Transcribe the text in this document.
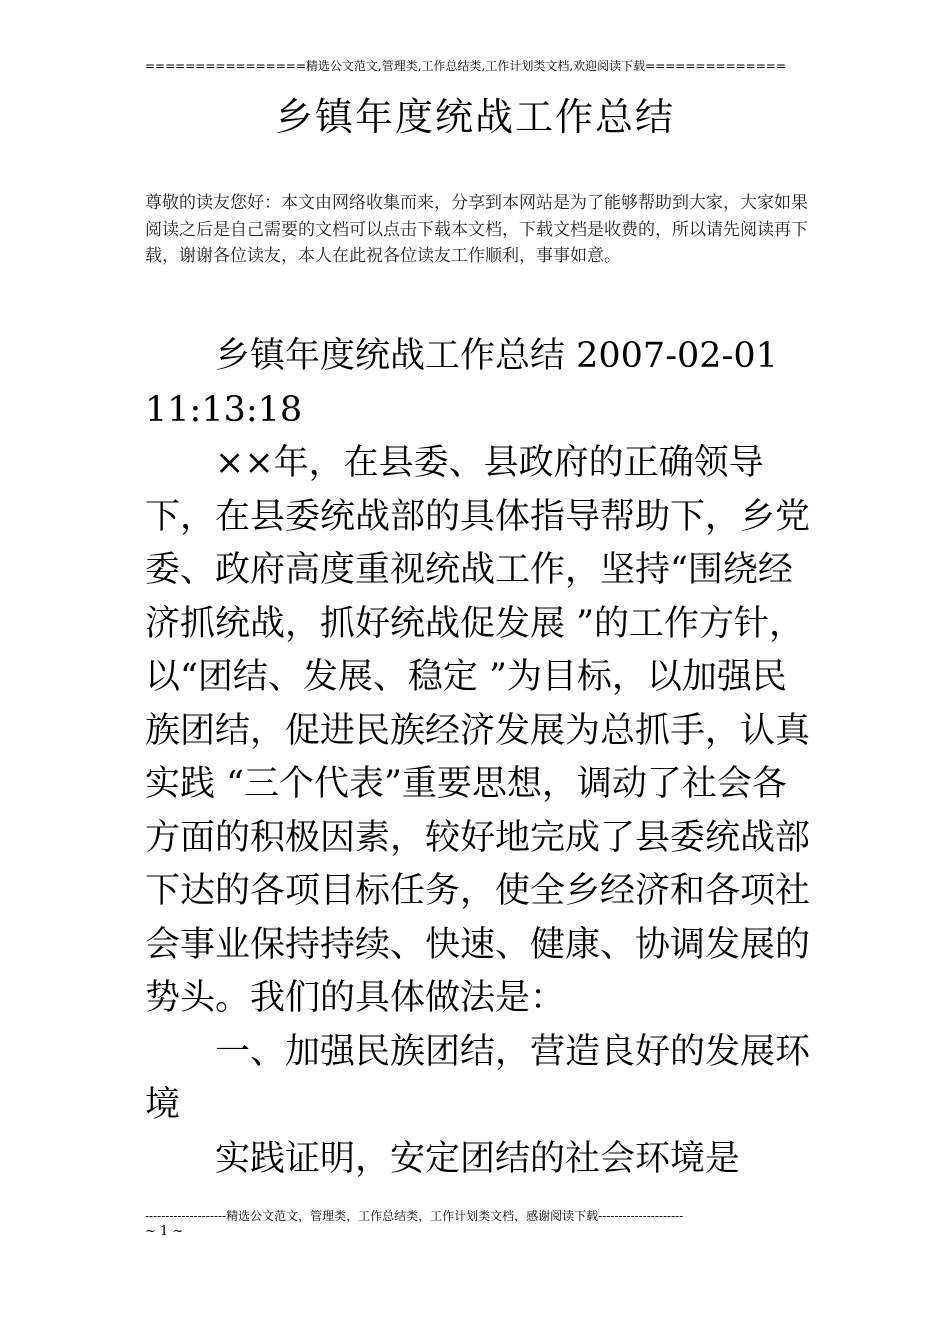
================精选公文范文,管理类,工作总结类,工作计划类文档,欢迎阅读下载==============
乡镇年度统战工作总结
尊敬的读友您好：本文由网络收集而来，分享到本网站是为了能够帮助到大家，大家如果阅读之后是自己需要的文档可以点击下载本文档，下载文档是收费的，所以请先阅读再下载，谢谢各位读友，本人在此祝各位读友工作顺利，事事如意。

乡镇年度统战工作总结 2007-02-01 11:13:18

××年，在县委、县政府的正确领导下，在县委统战部的具体指导帮助下，乡党委、政府高度重视统战工作，坚持“围绕经济抓统战，抓好统战促发展 ”的工作方针，以“团结、发展、稳定 ”为目标，以加强民族团结，促进民族经济发展为总抓手，认真实践 “三个代表”重要思想，调动了社会各方面的积极因素，较好地完成了县委统战部下达的各项目标任务，使全乡经济和各项社会事业保持持续、快速、健康、协调发展的势头。我们的具体做法是：

一、加强民族团结，营造良好的发展环境

实践证明，安定团结的社会环境是

--------------------精选公文范文，管理类，工作总结类，工作计划类文档，感谢阅读下载---------------------
~ 1 ~
